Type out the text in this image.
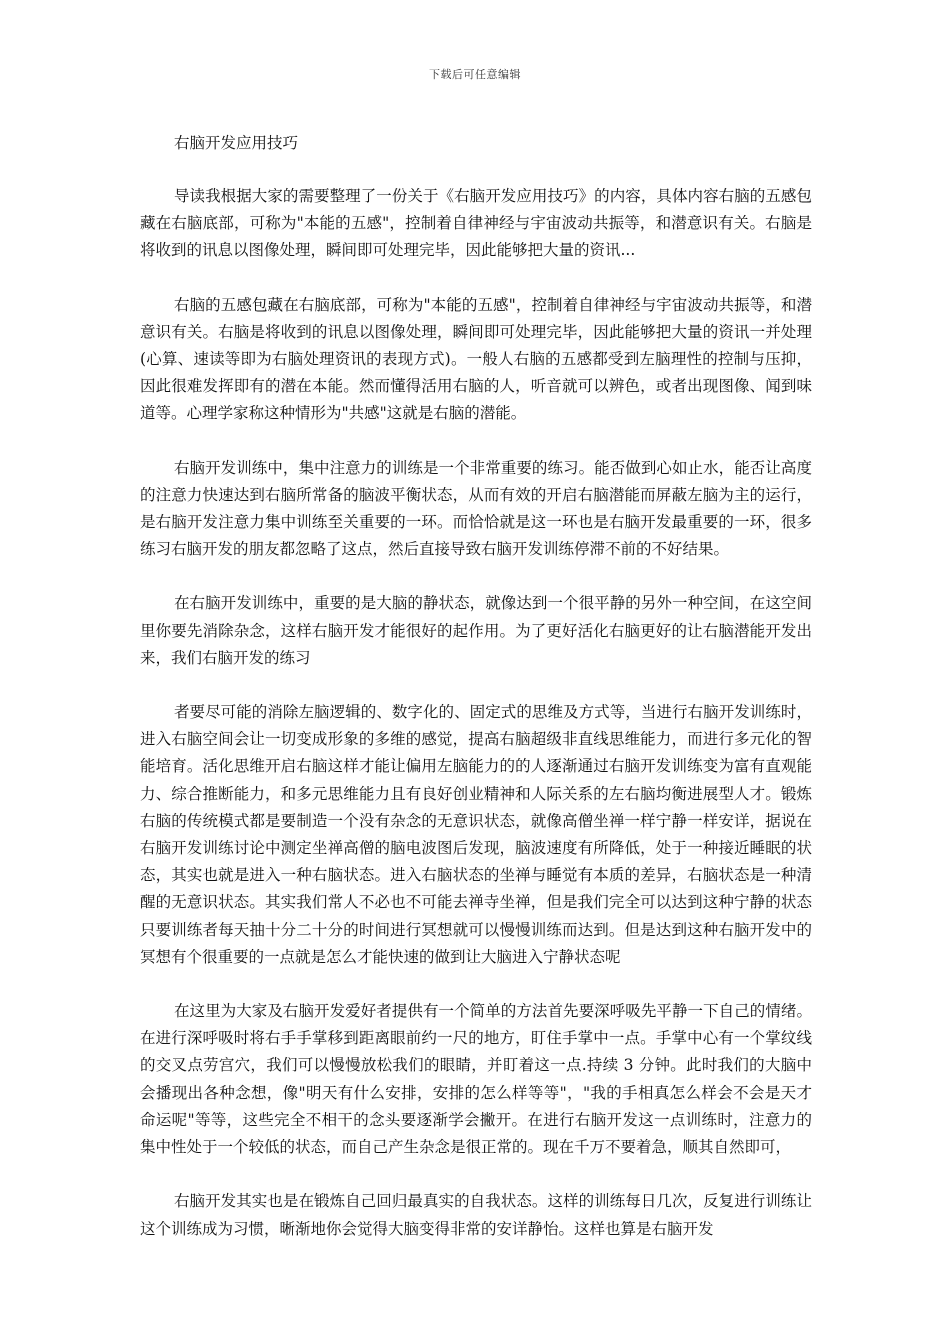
下载后可任意编辑

右脑开发应用技巧

导读我根据大家的需要整理了一份关于《右脑开发应用技巧》的内容，具体内容右脑的五感包藏在右脑底部，可称为"本能的五感"，控制着自律神经与宇宙波动共振等，和潜意识有关。右脑是将收到的讯息以图像处理，瞬间即可处理完毕，因此能够把大量的资讯...

右脑的五感包藏在右脑底部，可称为"本能的五感"，控制着自律神经与宇宙波动共振等，和潜意识有关。右脑是将收到的讯息以图像处理，瞬间即可处理完毕，因此能够把大量的资讯一并处理(心算、速读等即为右脑处理资讯的表现方式)。一般人右脑的五感都受到左脑理性的控制与压抑，因此很难发挥即有的潜在本能。然而懂得活用右脑的人，听音就可以辨色，或者出现图像、闻到味道等。心理学家称这种情形为"共感"这就是右脑的潜能。

右脑开发训练中，集中注意力的训练是一个非常重要的练习。能否做到心如止水，能否让高度的注意力快速达到右脑所常备的脑波平衡状态，从而有效的开启右脑潜能而屏蔽左脑为主的运行，是右脑开发注意力集中训练至关重要的一环。而恰恰就是这一环也是右脑开发最重要的一环，很多练习右脑开发的朋友都忽略了这点，然后直接导致右脑开发训练停滞不前的不好结果。

在右脑开发训练中，重要的是大脑的静状态，就像达到一个很平静的另外一种空间，在这空间里你要先消除杂念，这样右脑开发才能很好的起作用。为了更好活化右脑更好的让右脑潜能开发出来，我们右脑开发的练习

者要尽可能的消除左脑逻辑的、数字化的、固定式的思维及方式等，当进行右脑开发训练时，进入右脑空间会让一切变成形象的多维的感觉，提高右脑超级非直线思维能力，而进行多元化的智能培育。活化思维开启右脑这样才能让偏用左脑能力的的人逐渐通过右脑开发训练变为富有直观能力、综合推断能力，和多元思维能力且有良好创业精神和人际关系的左右脑均衡进展型人才。锻炼右脑的传统模式都是要制造一个没有杂念的无意识状态，就像高僧坐禅一样宁静一样安详，据说在右脑开发训练讨论中测定坐禅高僧的脑电波图后发现，脑波速度有所降低，处于一种接近睡眠的状态，其实也就是进入一种右脑状态。进入右脑状态的坐禅与睡觉有本质的差异，右脑状态是一种清醒的无意识状态。其实我们常人不必也不可能去禅寺坐禅，但是我们完全可以达到这种宁静的状态只要训练者每天抽十分二十分的时间进行冥想就可以慢慢训练而达到。但是达到这种右脑开发中的冥想有个很重要的一点就是怎么才能快速的做到让大脑进入宁静状态呢

在这里为大家及右脑开发爱好者提供有一个简单的方法首先要深呼吸先平静一下自己的情绪。在进行深呼吸时将右手手掌移到距离眼前约一尺的地方，盯住手掌中一点。手掌中心有一个掌纹线的交叉点劳宫穴，我们可以慢慢放松我们的眼睛，并盯着这一点.持续 3 分钟。此时我们的大脑中会播现出各种念想，像"明天有什么安排，安排的怎么样等等"，"我的手相真怎么样会不会是天才命运呢"等等，这些完全不相干的念头要逐渐学会撇开。在进行右脑开发这一点训练时，注意力的集中性处于一个较低的状态，而自己产生杂念是很正常的。现在千万不要着急，顺其自然即可，

右脑开发其实也是在锻炼自己回归最真实的自我状态。这样的训练每日几次，反复进行训练让这个训练成为习惯，晰渐地你会觉得大脑变得非常的安详静怡。这样也算是右脑开发
